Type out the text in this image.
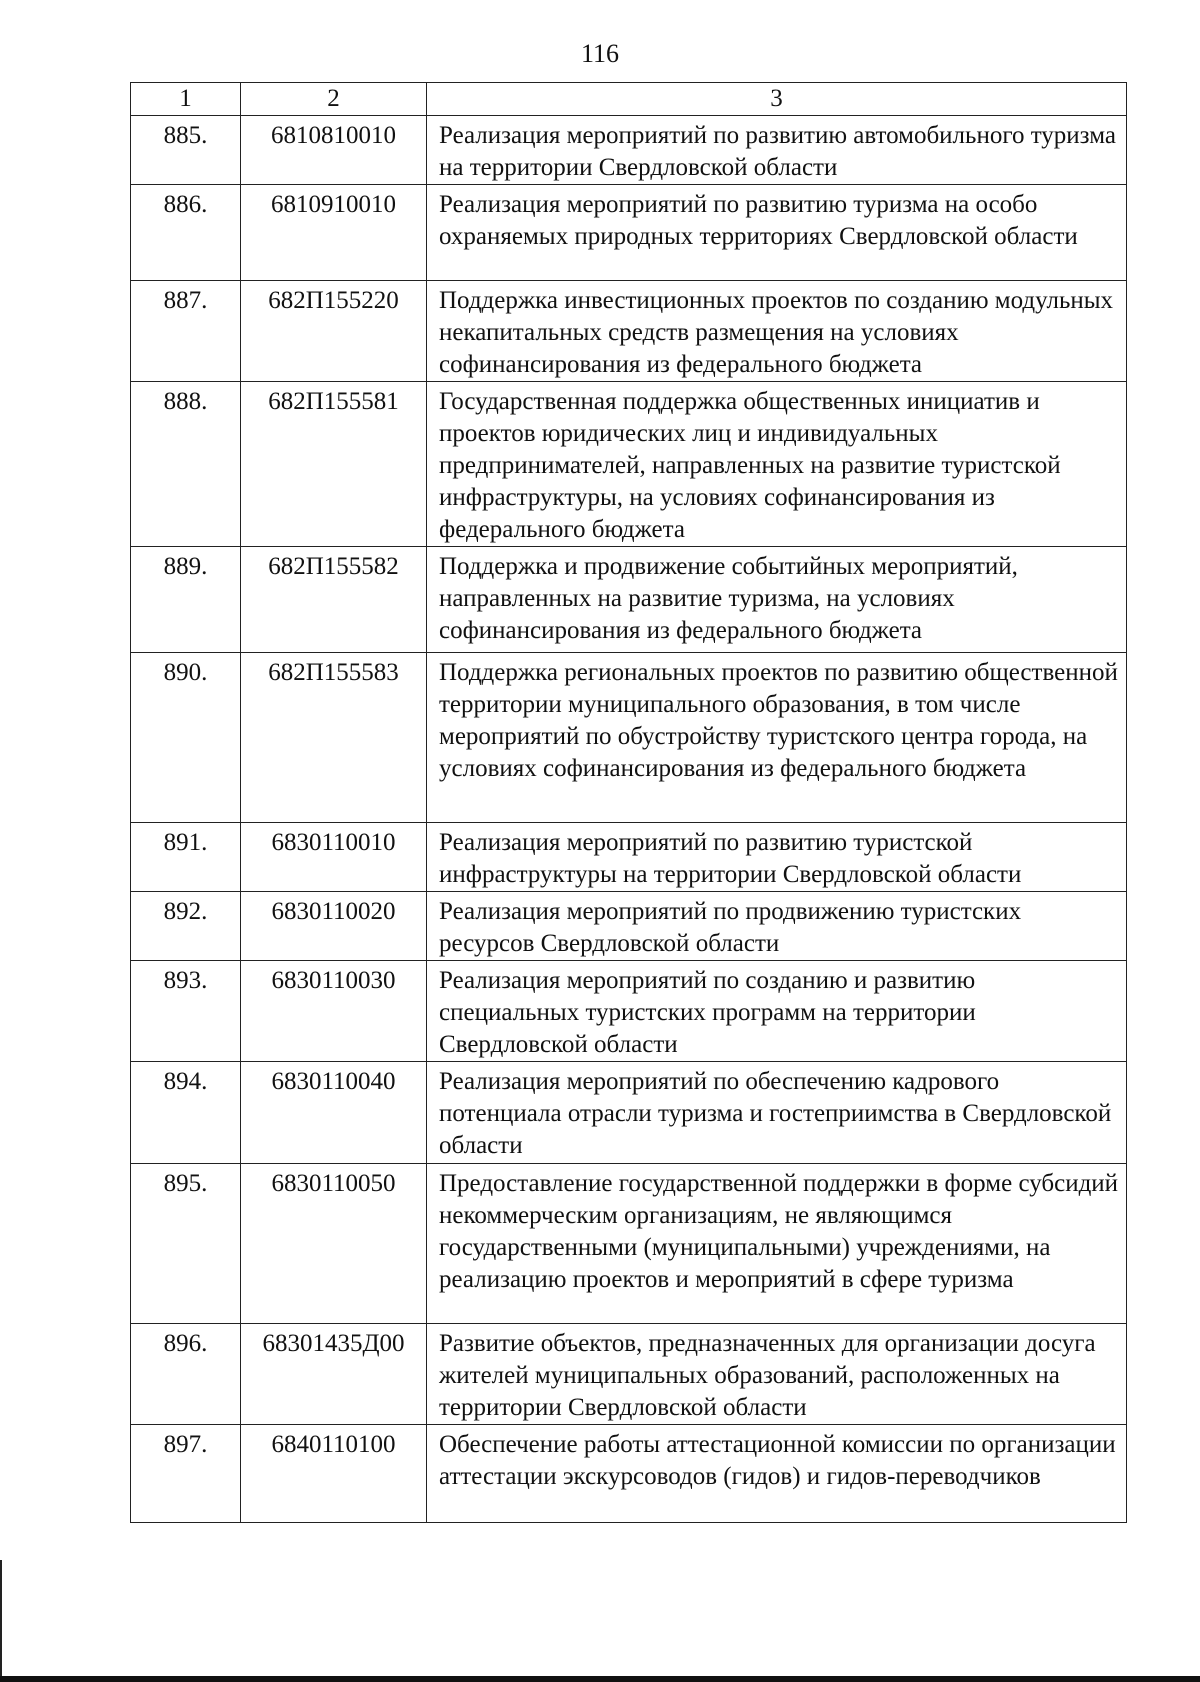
116
1	2	3
885.	6810810010	Реализация мероприятий по развитию автомобильного туризма на территории Свердловской области
886.	6810910010	Реализация мероприятий по развитию туризма на особо охраняемых природных территориях Свердловской области
887.	682П155220	Поддержка инвестиционных проектов по созданию модульных некапитальных средств размещения на условиях софинансирования из федерального бюджета
888.	682П155581	Государственная поддержка общественных инициатив и проектов юридических лиц и индивидуальных предпринимателей, направленных на развитие туристской инфраструктуры, на условиях софинансирования из федерального бюджета
889.	682П155582	Поддержка и продвижение событийных мероприятий, направленных на развитие туризма, на условиях софинансирования из федерального бюджета
890.	682П155583	Поддержка региональных проектов по развитию общественной территории муниципального образования, в том числе мероприятий по обустройству туристского центра города, на условиях софинансирования из федерального бюджета
891.	6830110010	Реализация мероприятий по развитию туристской инфраструктуры на территории Свердловской области
892.	6830110020	Реализация мероприятий по продвижению туристских ресурсов Свердловской области
893.	6830110030	Реализация мероприятий по созданию и развитию специальных туристских программ на территории Свердловской области
894.	6830110040	Реализация мероприятий по обеспечению кадрового потенциала отрасли туризма и гостеприимства в Свердловской области
895.	6830110050	Предоставление государственной поддержки в форме субсидий некоммерческим организациям, не являющимся государственными (муниципальными) учреждениями, на реализацию проектов и мероприятий в сфере туризма
896.	68301435Д00	Развитие объектов, предназначенных для организации досуга жителей муниципальных образований, расположенных на территории Свердловской области
897.	6840110100	Обеспечение работы аттестационной комиссии по организации аттестации экскурсоводов (гидов) и гидов-переводчиков
